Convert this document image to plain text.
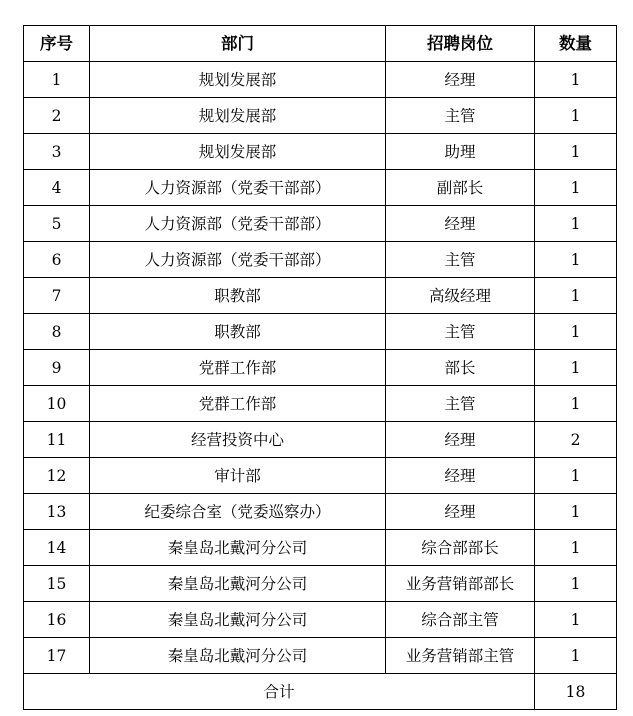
序号	部门	招聘岗位	数量
1	规划发展部	经理	1
2	规划发展部	主管	1
3	规划发展部	助理	1
4	人力资源部（党委干部部）	副部长	1
5	人力资源部（党委干部部）	经理	1
6	人力资源部（党委干部部）	主管	1
7	职教部	高级经理	1
8	职教部	主管	1
9	党群工作部	部长	1
10	党群工作部	主管	1
11	经营投资中心	经理	2
12	审计部	经理	1
13	纪委综合室（党委巡察办）	经理	1
14	秦皇岛北戴河分公司	综合部部长	1
15	秦皇岛北戴河分公司	业务营销部部长	1
16	秦皇岛北戴河分公司	综合部主管	1
17	秦皇岛北戴河分公司	业务营销部主管	1
合计			18
